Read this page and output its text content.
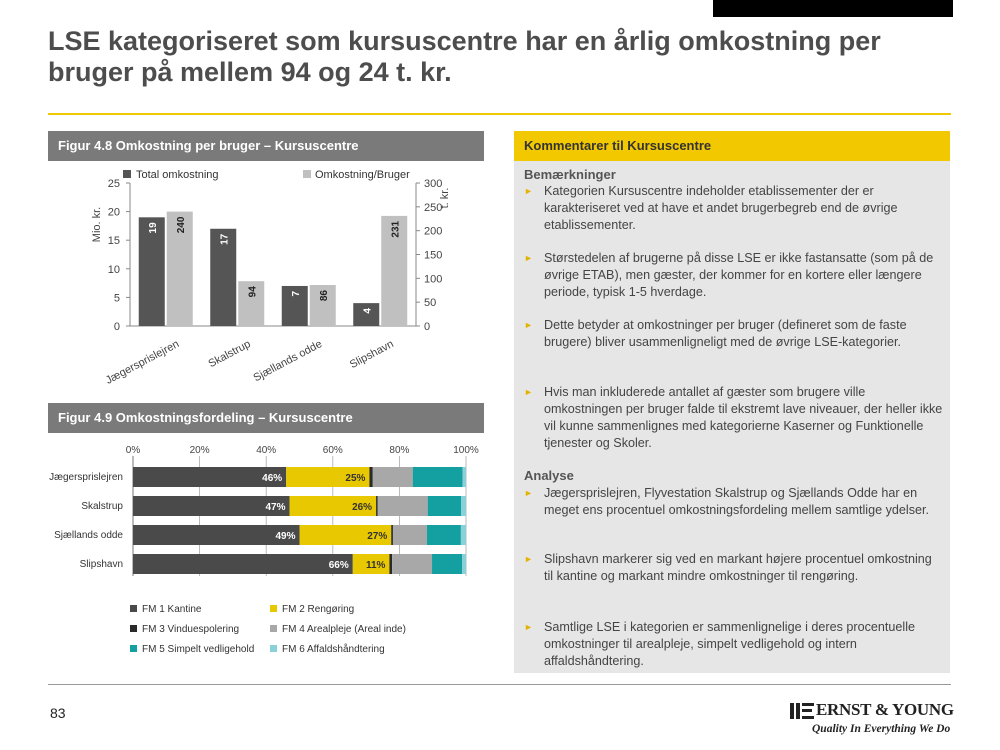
LSE kategoriseret som kursuscentre har en årlig omkostning per bruger på mellem 94 og 24 t. kr.
Figur 4.8 Omkostning per bruger – Kursuscentre
0
5
10
15
20
25
0
50
100
150
200
250
300
Mio. kr.
t. kr.
Total omkostning	Omkostning/Bruger
19 240
Jægersprislejren
17
94
Skalstrup
7 86
Sjællands odde
4
231
Slipshavn
Figur 4.9 Omkostningsfordeling – Kursuscentre
0%	20%	40%	60%	80%	100%
Jægersprislejren	46%	25%
Skalstrup	47%	26%
Sjællands odde	49%	27%
Slipshavn	66% 11%
FM 1 Kantine	FM 2 Rengøring
FM 3 Vinduespolering	FM 4 Arealpleje (Areal inde)
FM 5 Simpelt vedligehold	FM 6 Affaldshåndtering
Kommentarer til Kursuscentre
Bemærkninger
► Kategorien Kursuscentre indeholder etablissementer der er karakteriseret ved at have et andet brugerbegreb end de øvrige etablissementer.
► Størstedelen af brugerne på disse LSE er ikke fastansatte (som på de øvrige ETAB), men gæster, der kommer for en kortere eller længere periode, typisk 1-5 hverdage.
► Dette betyder at omkostninger per bruger (defineret som de faste brugere) bliver usammenligneligt med de øvrige LSE-kategorier.
► Hvis man inkluderede antallet af gæster som brugere ville omkostningen per bruger falde til ekstremt lave niveauer, der heller ikke vil kunne sammenlignes med kategorierne Kaserner og Funktionelle tjenester og Skoler.
Analyse
► Jægersprislejren, Flyvestation Skalstrup og Sjællands Odde har en meget ens procentuel omkostningsfordeling mellem samtlige ydelser.
► Slipshavn markerer sig ved en markant højere procentuel omkostning til kantine og markant mindre omkostninger til rengøring.
► Samtlige LSE i kategorien er sammenlignelige i deres procentuelle omkostninger til arealpleje, simpelt vedligehold og intern affaldshåndtering.
83	ERNST & YOUNG
Quality In Everything We Do
